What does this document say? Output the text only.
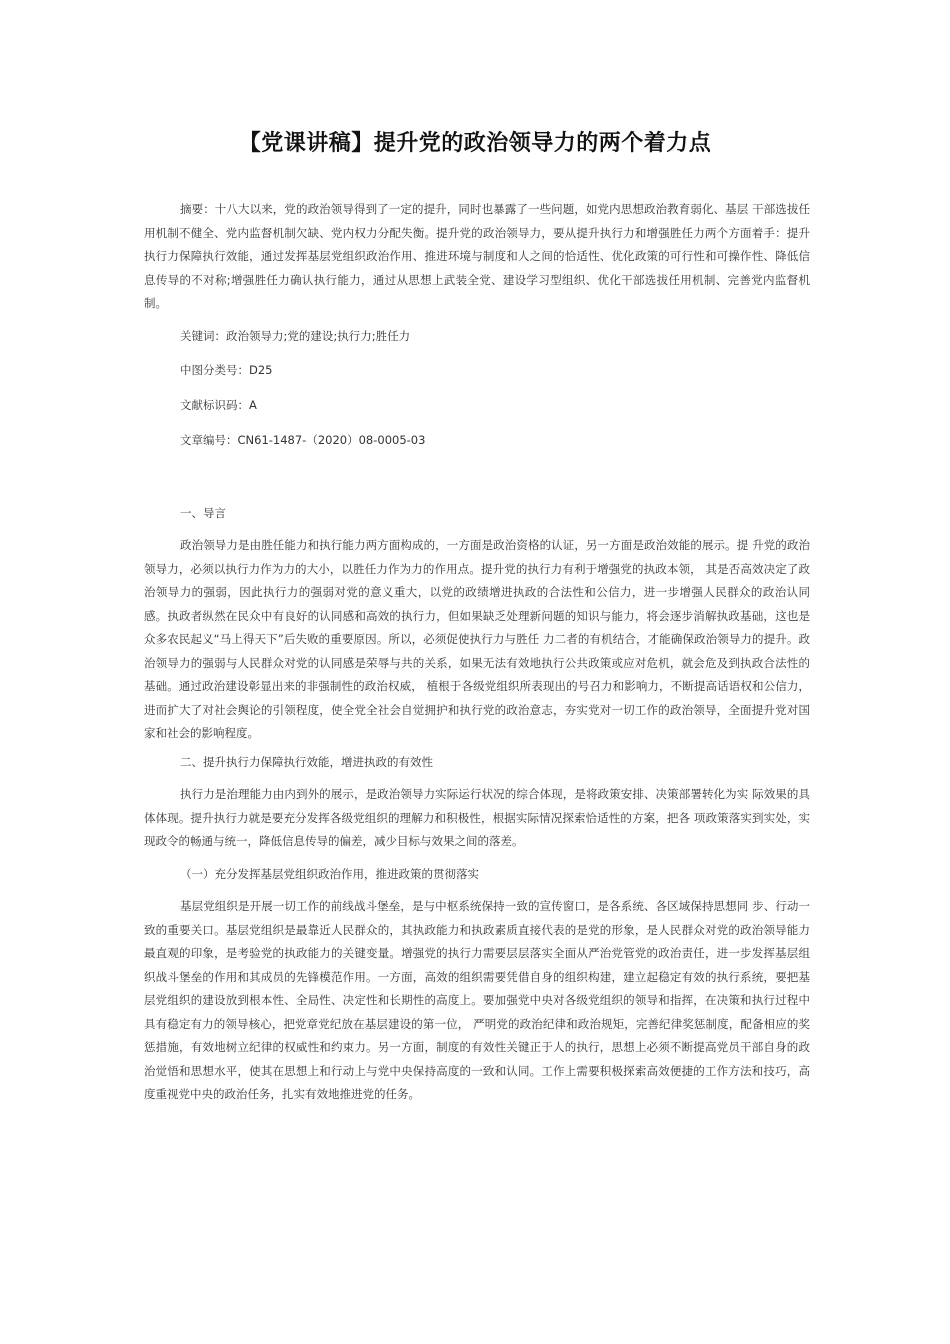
【党课讲稿】提升党的政治领导力的两个着力点
摘要：十八大以来，党的政治领导得到了一定的提升，同时也暴露了一些问题，如党内思想政治教育弱化、基层 干部选拔任用机制不健全、党内监督机制欠缺、党内权力分配失衡。提升党的政治领导力，要从提升执行力和增强胜任力两个方面着手：提升执行力保障执行效能，通过发挥基层党组织政治作用、推进环境与制度和人之间的恰适性、优化政策的可行性和可操作性、降低信息传导的不对称;增强胜任力确认执行能力，通过从思想上武装全党、建设学习型组织、优化干部选拔任用机制、完善党内监督机制。
关键词：政治领导力;党的建设;执行力;胜任力
中图分类号：D25
文献标识码：A
文章编号：CN61-1487-（2020）08-0005-03
一、导言
政治领导力是由胜任能力和执行能力两方面构成的，一方面是政治资格的认证，另一方面是政治效能的展示。提 升党的政治领导力，必须以执行力作为力的大小，以胜任力作为力的作用点。提升党的执行力有利于增强党的执政本领， 其是否高效决定了政治领导力的强弱，因此执行力的强弱对党的意义重大，以党的政绩增进执政的合法性和公信力，进一步增强人民群众的政治认同感。执政者纵然在民众中有良好的认同感和高效的执行力，但如果缺乏处理新问题的知识与能力，将会逐步消解执政基础，这也是众多农民起义“马上得天下”后失败的重要原因。所以，必须促使执行力与胜任 力二者的有机结合，才能确保政治领导力的提升。政治领导力的强弱与人民群众对党的认同感是荣辱与共的关系，如果无法有效地执行公共政策或应对危机，就会危及到执政合法性的基础。通过政治建设彰显出来的非强制性的政治权威， 植根于各级党组织所表现出的号召力和影响力，不断提高话语权和公信力，进而扩大了对社会舆论的引领程度，使全党全社会自觉拥护和执行党的政治意志，夯实党对一切工作的政治领导，全面提升党对国家和社会的影响程度。
二、提升执行力保障执行效能，增进执政的有效性
执行力是治理能力由内到外的展示，是政治领导力实际运行状况的综合体现，是将政策安排、决策部署转化为实 际效果的具体体现。提升执行力就是要充分发挥各级党组织的理解力和积极性，根据实际情况探索恰适性的方案，把各 项政策落实到实处，实现政令的畅通与统一，降低信息传导的偏差，减少目标与效果之间的落差。
（一）充分发挥基层党组织政治作用，推进政策的贯彻落实
基层党组织是开展一切工作的前线战斗堡垒，是与中枢系统保持一致的宣传窗口，是各系统、各区域保持思想同 步、行动一致的重要关口。基层党组织是最靠近人民群众的，其执政能力和执政素质直接代表的是党的形象，是人民群众对党的政治领导能力最直观的印象，是考验党的执政能力的关键变量。增强党的执行力需要层层落实全面从严治党管党的政治责任，进一步发挥基层组织战斗堡垒的作用和其成员的先锋模范作用。一方面，高效的组织需要凭借自身的组织构建，建立起稳定有效的执行系统，要把基层党组织的建设放到根本性、全局性、决定性和长期性的高度上。要加强党中央对各级党组织的领导和指挥，在决策和执行过程中具有稳定有力的领导核心，把党章党纪放在基层建设的第一位， 严明党的政治纪律和政治规矩，完善纪律奖惩制度，配备相应的奖惩措施，有效地树立纪律的权威性和约束力。另一方面，制度的有效性关键正于人的执行，思想上必须不断提高党员干部自身的政治觉悟和思想水平，使其在思想上和行动上与党中央保持高度的一致和认同。工作上需要积极探索高效便捷的工作方法和技巧，高度重视党中央的政治任务，扎实有效地推进党的任务。
